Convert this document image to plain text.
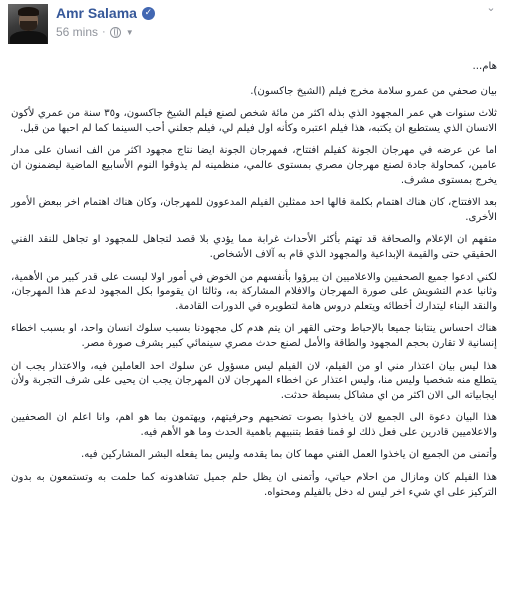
Amr Salama ✓
56 mins ·	▼
⌄

هام...

بيان صحفي من عمرو سلامة مخرج فيلم (الشيخ جاكسون).

ثلاث سنوات هي عمر المجهود الذي بذله اكثر من مائة شخص لصنع فيلم الشيخ جاكسون، و٣٥ سنة من عمري لأكون الانسان الذي يستطيع ان يكتبه، هذا فيلم اعتبره وكأنه اول فيلم لي، فيلم جعلني أحب السينما كما لم احبها من قبل.

اما عن عرضه في مهرجان الجونة كفيلم افتتاح، فمهرجان الجونة ايضا نتاج مجهود اكثر من الف انسان على مدار عامين، كمحاولة جادة لصنع مهرجان مصري بمستوى عالمي، منظمينه لم يذوقوا النوم الأسابيع الماضية ليضمنون ان يخرج بمستوى مشرف.

بعد الافتتاح، كان هناك اهتمام بكلمة قالها احد ممثلين الفيلم المدعوون للمهرجان، وكان هناك اهتمام اخر ببعض الأمور الأخرى.

متفهم ان الإعلام والصحافة قد تهتم بأكثر الأحداث غرابة مما يؤدي بلا قصد لتجاهل للمجهود او تجاهل للنقد الفني الحقيقي حتى والقيمة الإبداعية والمجهود الذي قام به آلاف الأشخاص.

لكني ادعوا جميع الصحفيين والاعلاميين ان يبرؤوا بأنفسهم من الخوض في أمور اولا ليست على قدر كبير من الأهمية، وثانيا عدم التشويش على صورة المهرجان والافلام المشاركة به، وثالثا ان يقوموا بكل المجهود لدعم هذا المهرجان، والنقد البناء ليتدارك أخطائه ويتعلم دروس هامة لتطويره في الدورات القادمة.

هناك احساس ينتابنا جميعا بالإحباط وحتى القهر ان يتم هدم كل مجهودنا بسبب سلوك انسان واحد، او بسبب اخطاء إنسانية لا تقارن بحجم المجهود والطاقة والأمل لصنع حدث مصري سينمائي كبير يشرف صورة مصر.

هذا ليس بيان اعتذار مني او من الفيلم، لان الفيلم ليس مسؤول عن سلوك احد العاملين فيه، والاعتذار يجب ان يتطلع منه شخصيا وليس منا، وليس اعتذار عن اخطاء المهرجان لان المهرجان يجب ان يحيى على شرف التجربة ولأن ايجابياته الى الان اكثر من اي مشاكل بسيطة حدثت.

هذا البيان دعوة الى الجميع لان ياخذوا بصوت تضحيهم وحرفيتهم، ويهتمون بما هو اهم، وانا اعلم ان الصحفيين والاعلاميين قادرين على فعل ذلك لو قمنا فقط بتنبيهم باهمية الحدث وما هو الأهم فيه.

وأتمنى من الجميع ان ياخذوا العمل الفني مهما كان بما يقدمه وليس بما يفعله البشر المشاركين فيه.

هذا الفيلم كان ومازال من احلام حياتي، وأتمنى ان يظل حلم جميل تشاهدونه كما حلمت به وتستمعون به بدون التركيز على اي شيء اخر ليس له دخل بالفيلم ومحتواه.
